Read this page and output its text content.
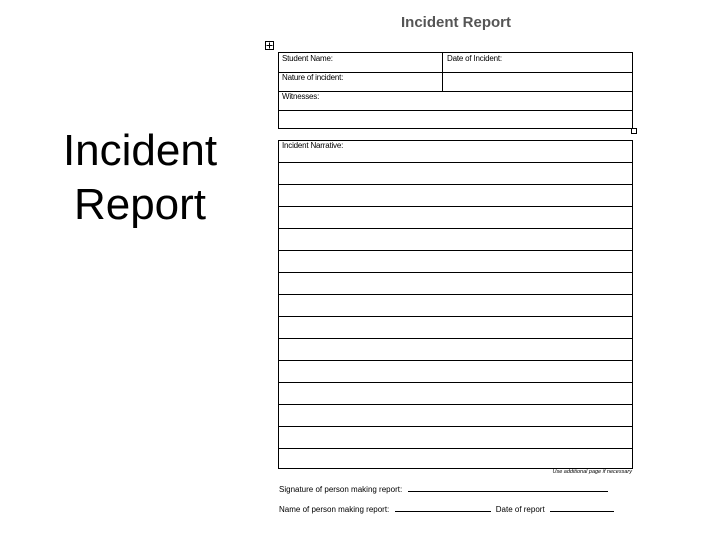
Incident
Report
Incident Report
Student Name:	Date of Incident:
Nature of incident:
Witnesses:
Incident Narrative:
Use additional page if necessary
Signature of person making report:
Name of person making report:	Date of report
